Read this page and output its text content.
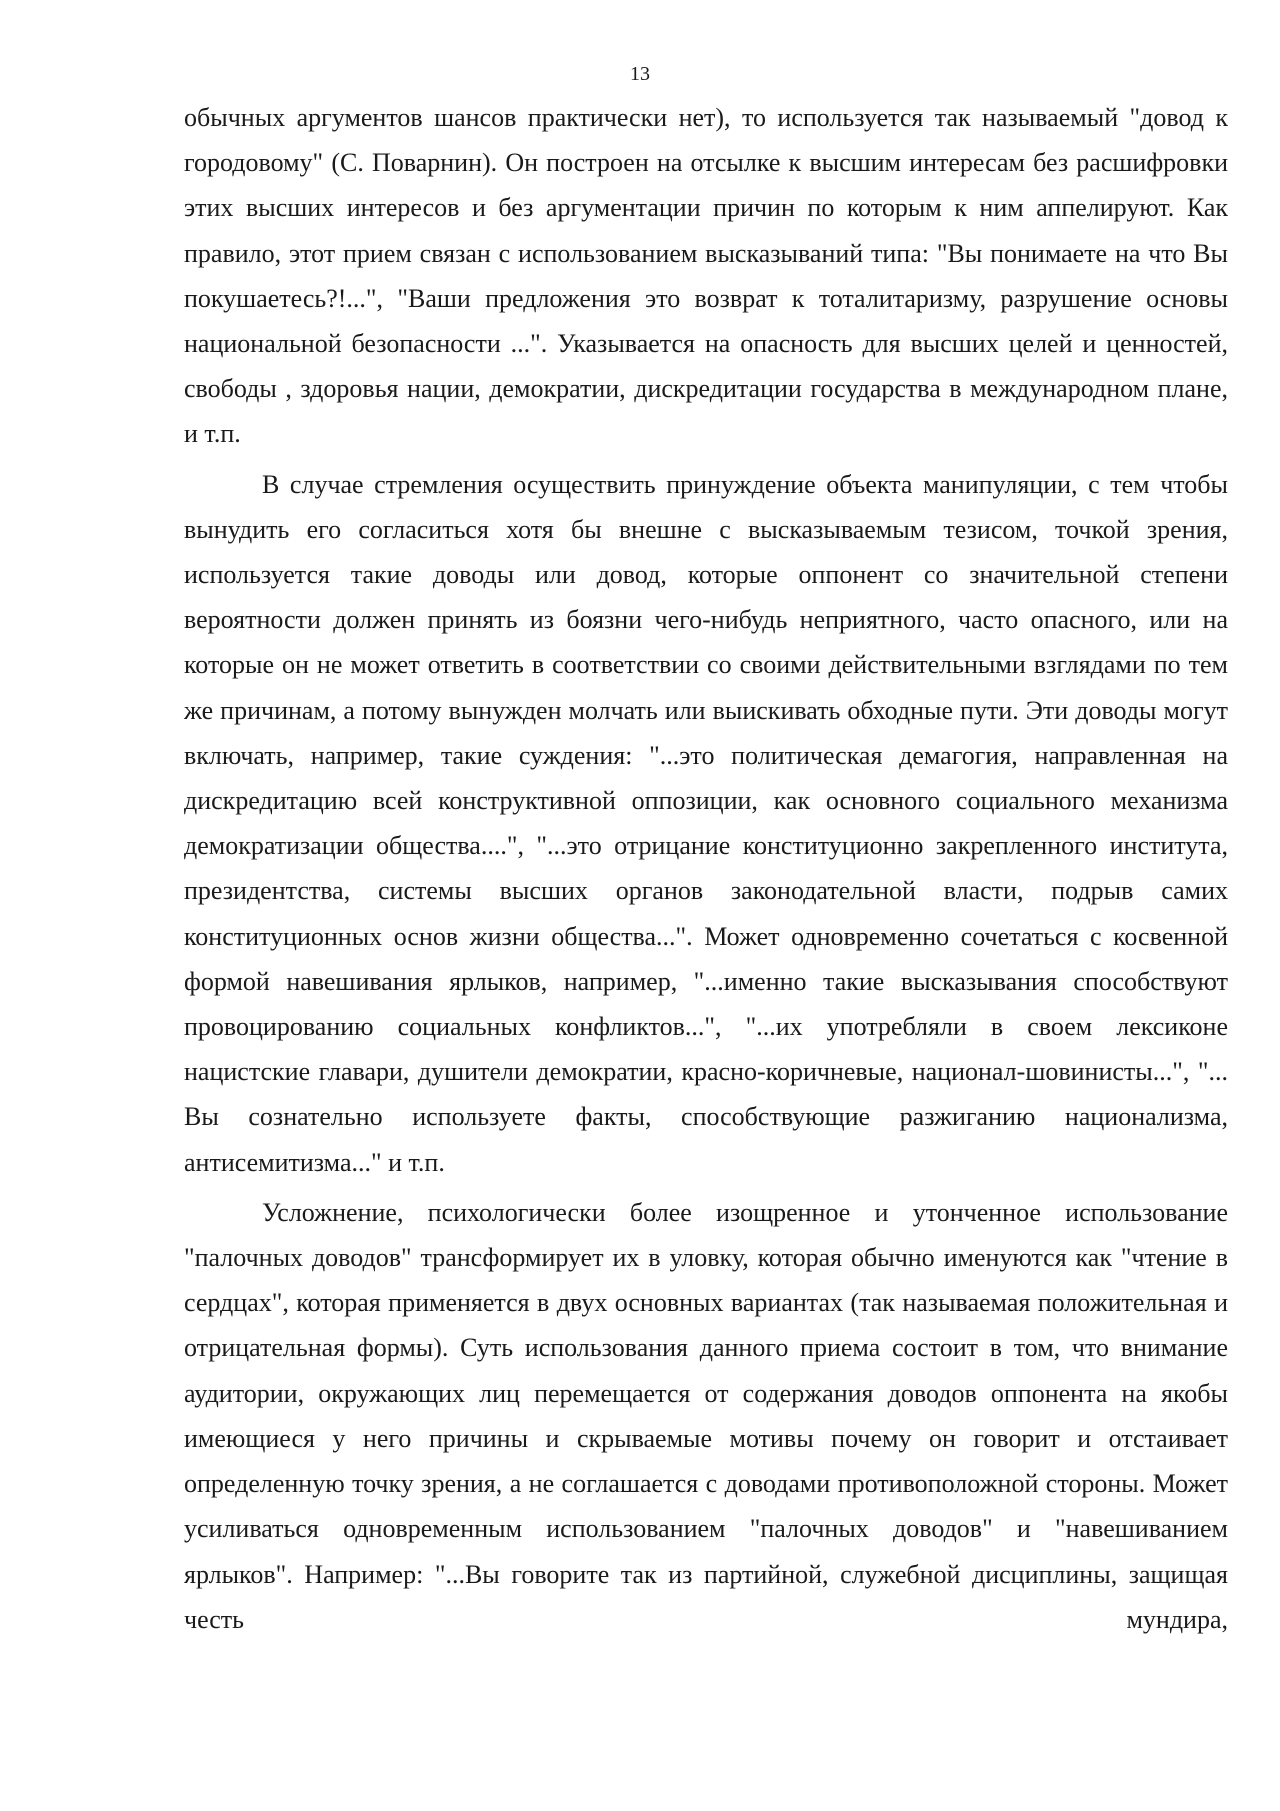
13

обычных аргументов шансов практически нет), то используется так называемый "довод к городовому" (С. Поварнин). Он построен на отсылке к высшим интересам без расшифровки этих высших интересов и без аргументации причин по которым к ним аппелируют. Как правило, этот прием связан с использованием высказываний типа: "Вы понимаете на что Вы покушаетесь?!...", "Ваши предложения это возврат к тоталитаризму, разрушение основы национальной безопасности ...". Указывается на опасность для высших целей и ценностей, свободы , здоровья нации, демократии, дискредитации государства в международном плане, и т.п.

В случае стремления осуществить принуждение объекта манипуляции, с тем чтобы вынудить его согласиться хотя бы внешне с высказываемым тезисом, точкой зрения, используется такие доводы или довод, которые оппонент со значительной степени вероятности должен принять из боязни чего-нибудь неприятного, часто опасного, или на которые он не может ответить в соответствии со своими действительными взглядами по тем же причинам, а потому вынужден молчать или выискивать обходные пути. Эти доводы могут включать, например, такие суждения: "...это политическая демагогия, направленная на дискредитацию всей конструктивной оппозиции, как основного социального механизма демократизации общества....", "...это отрицание конституционно закрепленного института, президентства, системы высших органов законодательной власти, подрыв самих конституционных основ жизни общества...". Может одновременно сочетаться с косвенной формой навешивания ярлыков, например, "...именно такие высказывания способствуют провоцированию социальных конфликтов...", "...их употребляли в своем лексиконе нацистские главари, душители демократии, красно-коричневые, национал-шовинисты...", "... Вы сознательно используете факты, способствующие разжиганию национализма, антисемитизма..." и т.п.

Усложнение, психологически более изощренное и утонченное использование "палочных доводов" трансформирует их в уловку, которая обычно именуются как "чтение в сердцах", которая применяется в двух основных вариантах (так называемая положительная и отрицательная формы). Суть использования данного приема состоит в том, что внимание аудитории, окружающих лиц перемещается от содержания доводов оппонента на якобы имеющиеся у него причины и скрываемые мотивы почему он говорит и отстаивает определенную точку зрения, а не соглашается с доводами противоположной стороны. Может усиливаться одновременным использованием "палочных доводов" и "навешиванием ярлыков". Например: "...Вы говорите так из партийной, служебной дисциплины, защищая честь мундира,
